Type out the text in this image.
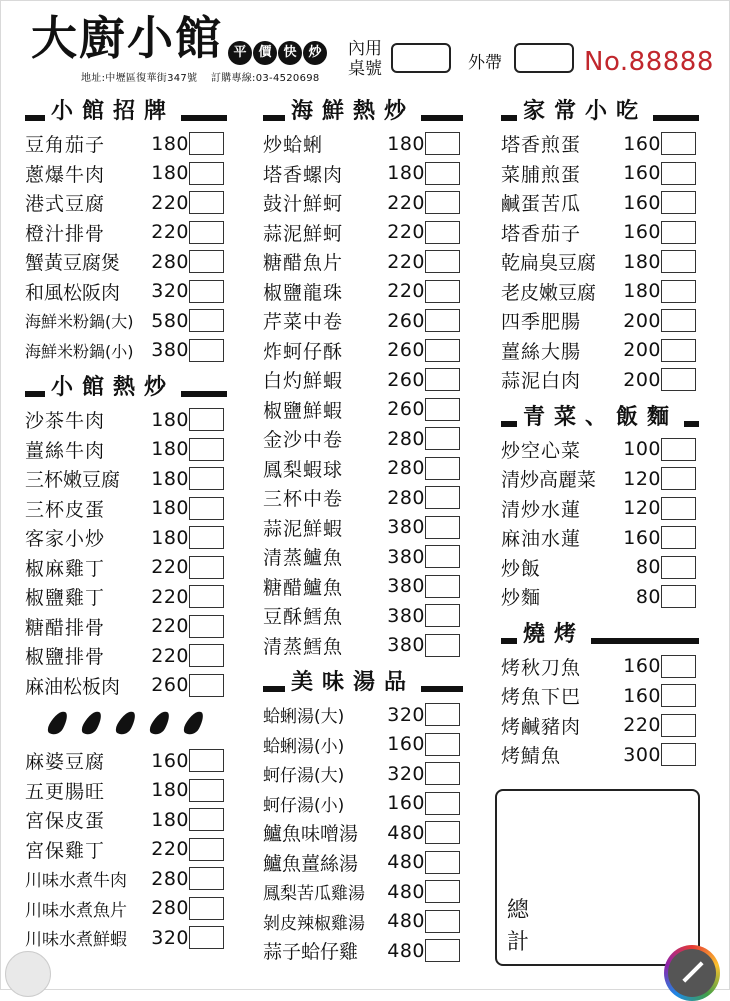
大廚小館 平 價 快 炒
地址:中壢區復華街347號 訂購專線:03-4520698
內用桌號	外帶	No.88888
小館招牌
豆角茄子 180
蔥爆牛肉 180
港式豆腐 220
橙汁排骨 220
蟹黃豆腐煲 280
和風松阪肉 320
海鮮米粉鍋(大) 580
海鮮米粉鍋(小) 380
小館熱炒
沙茶牛肉 180
薑絲牛肉 180
三杯嫩豆腐 180
三杯皮蛋 180
客家小炒 180
椒麻雞丁 220
椒鹽雞丁 220
糖醋排骨 220
椒鹽排骨 220
麻油松板肉 260
麻婆豆腐 160
五更腸旺 180
宮保皮蛋 180
宮保雞丁 220
川味水煮牛肉 280
川味水煮魚片 280
川味水煮鮮蝦 320
海鮮熱炒
炒蛤蜊	180
塔香螺肉 180
鼓汁鮮蚵 220
蒜泥鮮蚵 220
糖醋魚片 220
椒鹽龍珠 220
芹菜中卷 260
炸蚵仔酥 260
白灼鮮蝦 260
椒鹽鮮蝦 260
金沙中卷 280
鳳梨蝦球 280
三杯中卷 280
蒜泥鮮蝦 380
清蒸鱸魚 380
糖醋鱸魚 380
豆酥鱈魚 380
清蒸鱈魚 380
美味湯品
蛤蜊湯(大) 320
蛤蜊湯(小) 160
蚵仔湯(大) 320
蚵仔湯(小) 160
鱸魚味噌湯 480
鱸魚薑絲湯 480
鳳梨苦瓜雞湯 480
剝皮辣椒雞湯 480
蒜子蛤仔雞 480
家常小吃
塔香煎蛋 160
菜脯煎蛋 160
鹹蛋苦瓜 160
塔香茄子 160
乾扁臭豆腐 180
老皮嫩豆腐 180
四季肥腸 200
薑絲大腸 200
蒜泥白肉 200
青菜、飯麵
炒空心菜 100
清炒高麗菜 120
清炒水蓮 120
麻油水蓮 160
炒飯	80
炒麵	80
燒烤
烤秋刀魚 160
烤魚下巴 160
烤鹹豬肉 220
烤鯖魚	300
總計
